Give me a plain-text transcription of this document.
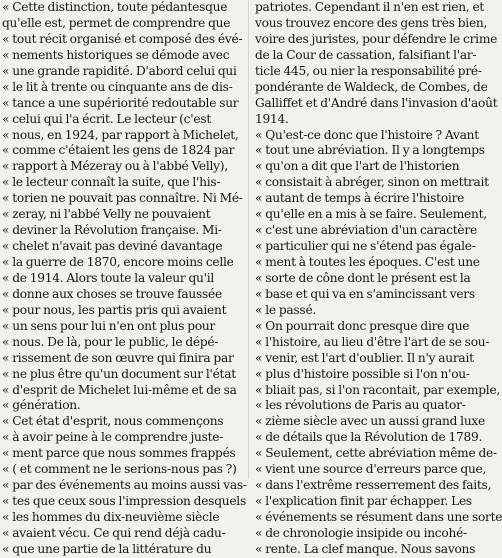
« Cette distinction, toute pédantesque
qu'elle est, permet de comprendre que
« tout récit organisé et composé des évé-
« nements historiques se démode avec
« une grande rapidité. D'abord celui qui
« le lit à trente ou cinquante ans de dis-
« tance a une supériorité redoutable sur
« celui qui l'a écrit. Le lecteur (c'est
« nous, en 1924, par rapport à Michelet,
« comme c'étaient les gens de 1824 par
« rapport à Mézeray ou à l'abbé Velly),
« le lecteur connaît la suite, que l'his-
« torien ne pouvait pas connaître. Ni Mé-
« zeray, ni l'abbé Velly ne pouvaient
« deviner la Révolution française. Mi-
« chelet n'avait pas deviné davantage
« la guerre de 1870, encore moins celle
« de 1914. Alors toute la valeur qu'il
« donne aux choses se trouve faussée
« pour nous, les partis pris qui avaient
« un sens pour lui n'en ont plus pour
« nous. De là, pour le public, le dépé-
« rissement de son œuvre qui finira par
« ne plus être qu'un document sur l'état
« d'esprit de Michelet lui-même et de sa
« génération.
« Cet état d'esprit, nous commençons
« à avoir peine à le comprendre juste-
« ment parce que nous sommes frappés
« ( et comment ne le serions-nous pas ?)
« par des événements au moins aussi vas-
« tes que ceux sous l'impression desquels
« les hommes du dix-neuvième siècle
« avaient vécu. Ce qui rend déjà cadu-
« que une partie de la littérature du
patriotes. Cependant il n'en est rien, et
vous trouvez encore des gens très bien,
voire des juristes, pour défendre le crime
de la Cour de cassation, falsifiant l'ar-
ticle 445, ou nier la responsabilité pré-
pondérante de Waldeck, de Combes, de
Galliffet et d'André dans l'invasion d'août
1914.
« Qu'est-ce donc que l'histoire ? Avant
« tout une abréviation. Il y a longtemps
« qu'on a dit que l'art de l'historien
« consistait à abréger, sinon on mettrait
« autant de temps à écrire l'histoire
« qu'elle en a mis à se faire. Seulement,
« c'est une abréviation d'un caractère
« particulier qui ne s'étend pas égale-
« ment à toutes les époques. C'est une
« sorte de cône dont le présent est la
« base et qui va en s'amincissant vers
« le passé.
« On pourrait donc presque dire que
« l'histoire, au lieu d'être l'art de se sou-
« venir, est l'art d'oublier. Il n'y aurait
« plus d'histoire possible si l'on n'ou-
« bliait pas, si l'on racontait, par exemple,
« les révolutions de Paris au quator-
« zième siècle avec un aussi grand luxe
« de détails que la Révolution de 1789.
« Seulement, cette abréviation même de-
« vient une source d'erreurs parce que,
« dans l'extrême resserrement des faits,
« l'explication finit par échapper. Les
« événements se résument dans une sorte
« de chronologie insipide ou incohé-
« rente. La clef manque. Nous savons
